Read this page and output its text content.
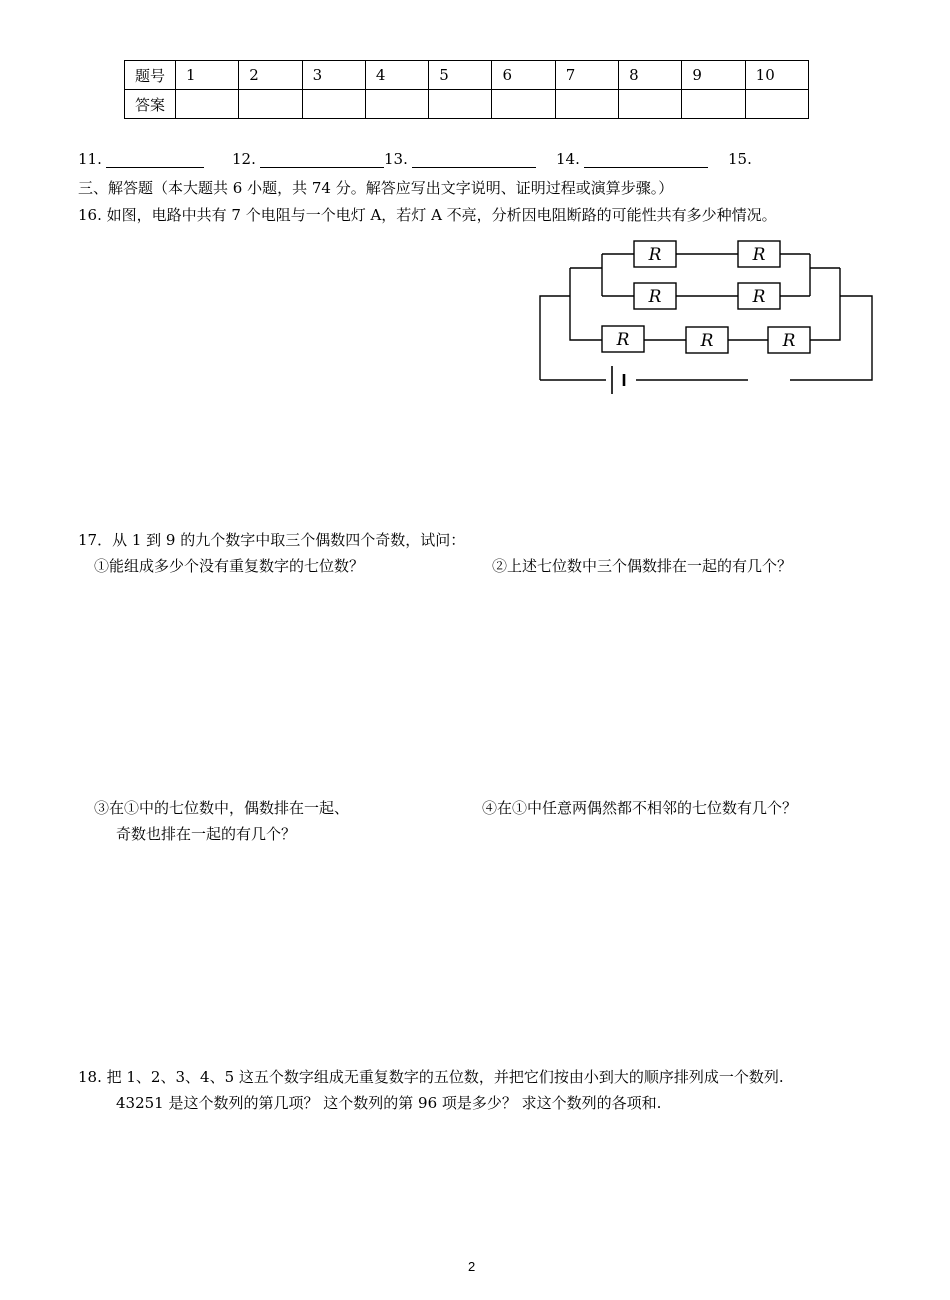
题号	1	2	3	4	5	6	7	8	9	10
答案										
11.	12.	13.	14.	15.
三、解答题（本大题共 6 小题，共 74 分。解答应写出文字说明、证明过程或演算步骤。）
16. 如图，电路中共有 7 个电阻与一个电灯 A，若灯 A 不亮，分析因电阻断路的可能性共有多少种情况。
R	R
R	R
R	R	R
17．从 1 到 9 的九个数字中取三个偶数四个奇数，试问：
①能组成多少个没有重复数字的七位数？	②上述七位数中三个偶数排在一起的有几个？
③在①中的七位数中，偶数排在一起、
奇数也排在一起的有几个？
④在①中任意两偶然都不相邻的七位数有几个？
18. 把 1、2、3、4、5 这五个数字组成无重复数字的五位数，并把它们按由小到大的顺序排列成一个数列.
43251 是这个数列的第几项？ 这个数列的第 96 项是多少？ 求这个数列的各项和.
2
